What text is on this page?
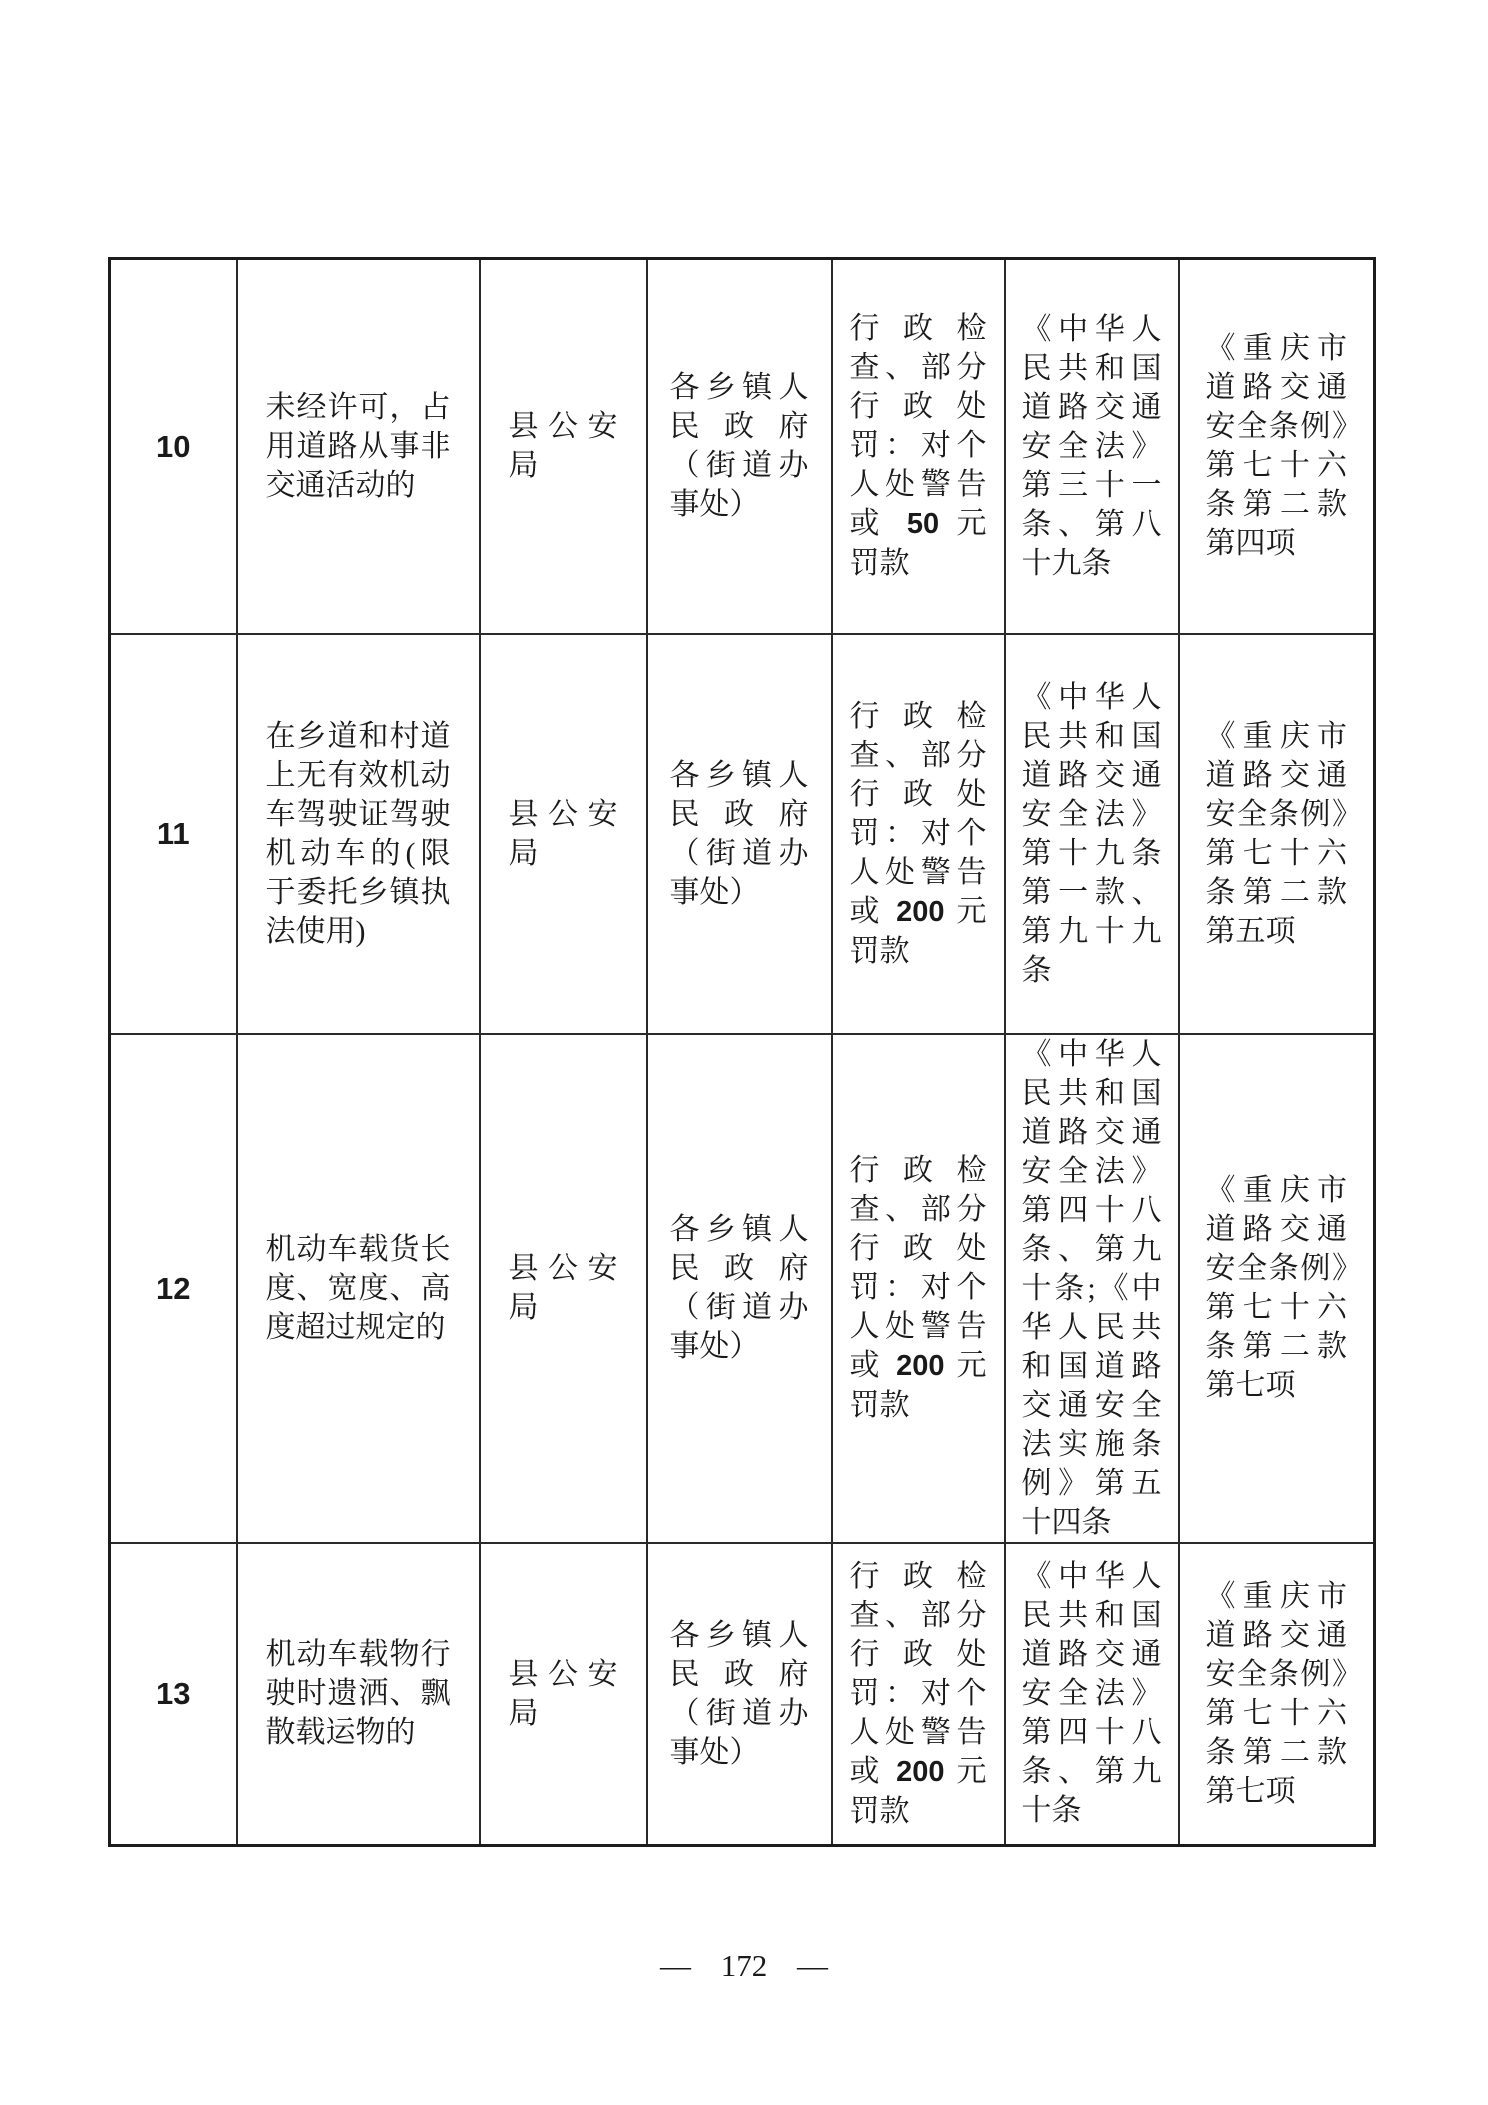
10	未经许可，占用道路从事非交通活动的	县公安局	各乡镇人民政府（街道办事处）	行政检查、部分行政处罚：对个人处警告或 50 元罚款	《中华人民共和国道路交通安全法》第三十一条、第八十九条	《重庆市道路交通安全条例》第七十六条第二款第四项
11	在乡道和村道上无有效机动车驾驶证驾驶机动车的(限于委托乡镇执法使用)	县公安局	各乡镇人民政府（街道办事处）	行政检查、部分行政处罚：对个人处警告或 200 元罚款	《中华人民共和国道路交通安全法》第十九条第一款、第九十九条	《重庆市道路交通安全条例》第七十六条第二款第五项
12	机动车载货长度、宽度、高度超过规定的	县公安局	各乡镇人民政府（街道办事处）	行政检查、部分行政处罚：对个人处警告或 200 元罚款	《中华人民共和国道路交通安全法》第四十八条、第九十条;《中华人民共和国道路交通安全法实施条例》第五十四条	《重庆市道路交通安全条例》第七十六条第二款第七项
13	机动车载物行驶时遗洒、飘散载运物的	县公安局	各乡镇人民政府（街道办事处）	行政检查、部分行政处罚：对个人处警告或 200 元罚款	《中华人民共和国道路交通安全法》第四十八条、第九十条	《重庆市道路交通安全条例》第七十六条第二款第七项
— 172 —
